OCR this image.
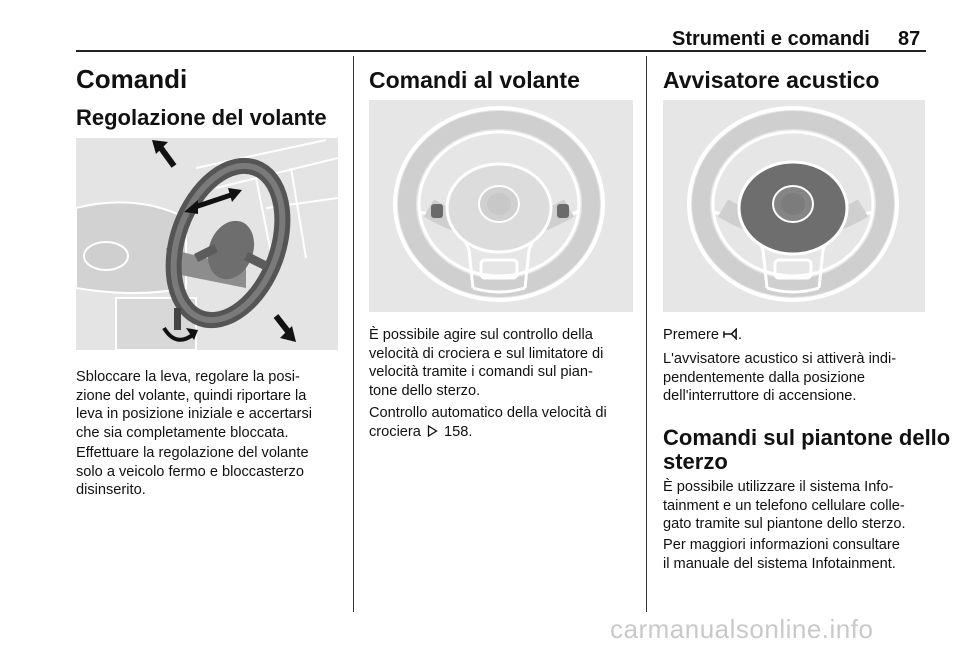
Strumenti e comandi 87
Comandi
Regolazione del volante

Sbloccare la leva, regolare la posi-
zione del volante, quindi riportare la
leva in posizione iniziale e accertarsi
che sia completamente bloccata.

Effettuare la regolazione del volante
solo a veicolo fermo e bloccasterzo
disinserito.

Comandi al volante

È possibile agire sul controllo della
velocità di crociera e sul limitatore di
velocità tramite i comandi sul pian-
tone dello sterzo.

Controllo automatico della velocità di
crociera 158.

Avvisatore acustico

Premere .

L'avvisatore acustico si attiverà indi-
pendentemente dalla posizione
dell'interruttore di accensione.

Comandi sul piantone dello
sterzo

È possibile utilizzare il sistema Info-
tainment e un telefono cellulare colle-
gato tramite sul piantone dello sterzo.

Per maggiori informazioni consultare
il manuale del sistema Infotainment.

carmanualsonline.info
